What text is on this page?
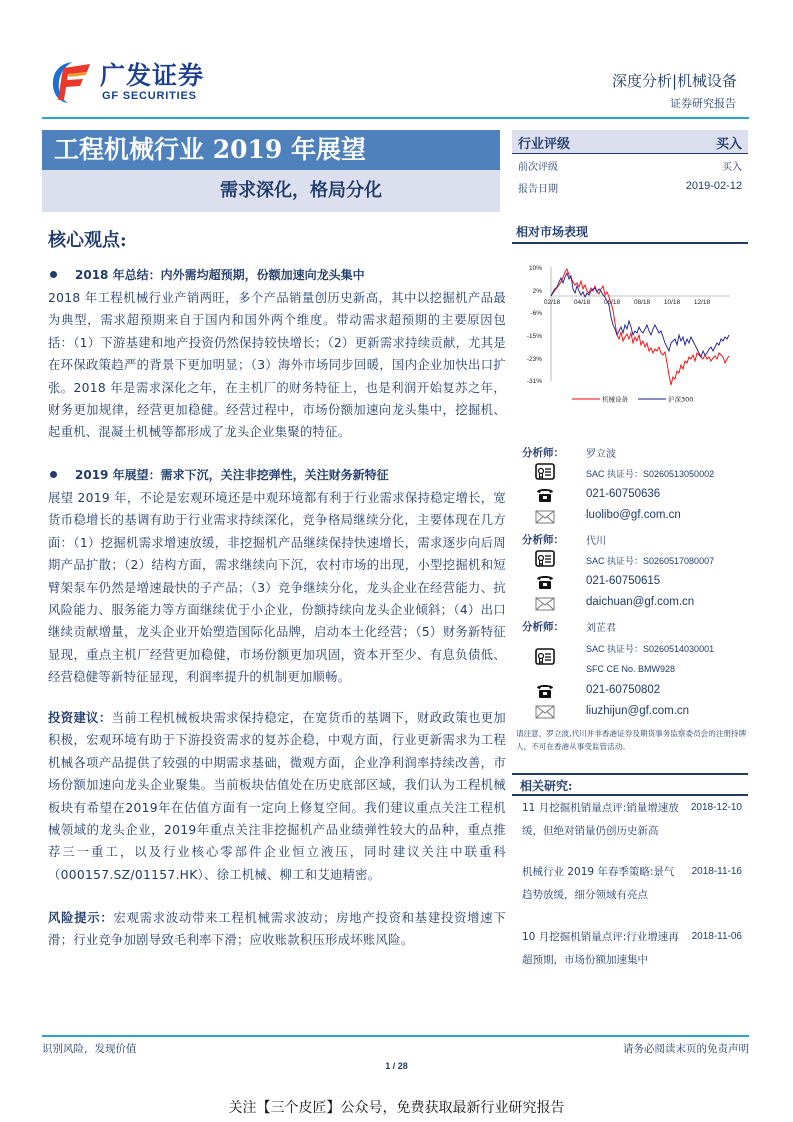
广发证券
GF SECURITIES
深度分析|机械设备
证券研究报告
工程机械行业 2019 年展望
需求深化，格局分化
行业评级	买入
前次评级	买入
报告日期	2019-02-12
相对市场表现
10%
2%
-6%
-15%
-23%
-31%
02/18 04/18 06/18 08/18 10/18 12/18
机械设备	沪深300
核心观点:
2018 年总结：内外需均超预期，份额加速向龙头集中
2018 年工程机械行业产销两旺，多个产品销量创历史新高，其中以挖掘机产品最为典型，需求超预期来自于国内和国外两个维度。带动需求超预期的主要原因包括：（1）下游基建和地产投资仍然保持较快增长；（2）更新需求持续贡献，尤其是在环保政策趋严的背景下更加明显；（3）海外市场同步回暖，国内企业加快出口扩张。2018 年是需求深化之年，在主机厂的财务特征上，也是利润开始复苏之年，财务更加规律，经营更加稳健。经营过程中，市场份额加速向龙头集中，挖掘机、起重机、混凝土机械等都形成了龙头企业集聚的特征。
2019 年展望：需求下沉，关注非挖弹性，关注财务新特征
展望 2019 年，不论是宏观环境还是中观环境都有利于行业需求保持稳定增长，宽货币稳增长的基调有助于行业需求持续深化，竞争格局继续分化，主要体现在几方面：（1）挖掘机需求增速放缓，非挖掘机产品继续保持快速增长，需求逐步向后周期产品扩散；（2）结构方面，需求继续向下沉，农村市场的出现，小型挖掘机和短臂架泵车仍然是增速最快的子产品；（3）竞争继续分化，龙头企业在经营能力、抗风险能力、服务能力等方面继续优于小企业，份额持续向龙头企业倾斜；（4）出口继续贡献增量，龙头企业开始塑造国际化品牌，启动本土化经营；（5）财务新特征显现，重点主机厂经营更加稳健，市场份额更加巩固，资本开至少、有息负债低、经营稳健等新特征显现，利润率提升的机制更加顺畅。
投资建议：当前工程机械板块需求保持稳定，在宽货币的基调下，财政政策也更加积极，宏观环境有助于下游投资需求的复苏企稳，中观方面，行业更新需求为工程机械各项产品提供了较强的中期需求基础，微观方面，企业净利润率持续改善，市场份额加速向龙头企业聚集。当前板块估值处在历史底部区域，我们认为工程机械板块有希望在2019年在估值方面有一定向上修复空间。我们建议重点关注工程机械领域的龙头企业，2019年重点关注非挖掘机产品业绩弹性较大的品种，重点推荐三一重工，以及行业核心零部件企业恒立液压，同时建议关注中联重科（000157.SZ/01157.HK）、徐工机械、柳工和艾迪精密。
风险提示：宏观需求波动带来工程机械需求波动；房地产投资和基建投资增速下滑；行业竞争加剧导致毛利率下滑；应收账款积压形成坏账风险。
分析师： 罗立波
SAC 执证号：S0260513050002
021-60750636
luolibo@gf.com.cn
分析师： 代川
SAC 执证号：S0260517080007
021-60750615
daichuan@gf.com.cn
分析师： 刘芷君
SAC 执证号：S0260514030001
SFC CE No. BMW928
021-60750802
liuzhijun@gf.com.cn
请注意，罗立波,代川并非香港证券及期货事务监察委员会的注册持牌人，不可在香港从事受监管活动。
相关研究:
11 月挖掘机销量点评:销量增速放缓，但绝对销量仍创历史新高
2018-12-10
机械行业 2019 年春季策略:景气趋势放缓，细分领域有亮点
2018-11-16
10 月挖掘机销量点评:行业增速再超预期，市场份额加速集中
2018-11-06
识别风险，发现价值	请务必阅读末页的免责声明
1 / 28
关注【三个皮匠】公众号，免费获取最新行业研究报告
